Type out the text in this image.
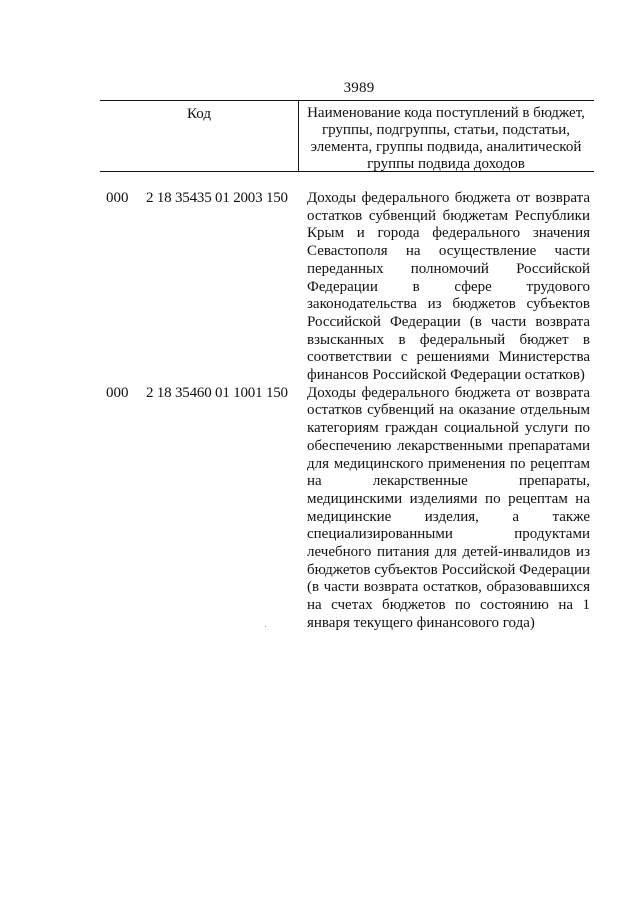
3989
Код	Наименование кода поступлений в бюджет, группы, подгруппы, статьи, подстатьи, элемента, группы подвида, аналитической группы подвида доходов
000	2 18 35435 01 2003 150	Доходы федерального бюджета от возврата остатков субвенций бюджетам Республики Крым и города федерального значения Севастополя на осуществление части переданных полномочий Российской Федерации в сфере трудового законодательства из бюджетов субъектов Российской Федерации (в части возврата взысканных в федеральный бюджет в соответствии с решениями Министерства финансов Российской Федерации остатков)
000	2 18 35460 01 1001 150	Доходы федерального бюджета от возврата остатков субвенций на оказание отдельным категориям граждан социальной услуги по обеспечению лекарственными препаратами для медицинского применения по рецептам на лекарственные препараты, медицинскими изделиями по рецептам на медицинские изделия, а также специализированными продуктами лечебного питания для детей-инвалидов из бюджетов субъектов Российской Федерации (в части возврата остатков, образовавшихся на счетах бюджетов по состоянию на 1 января текущего финансового года)
